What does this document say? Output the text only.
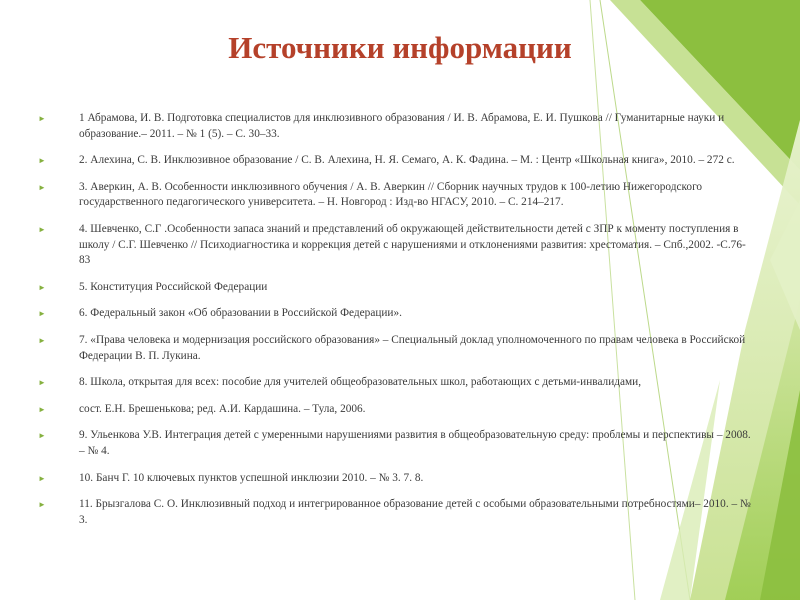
Источники информации
►	1 Абрамова, И. В. Подготовка специалистов для инклюзивного образования / И. В. Абрамова, Е. И. Пушкова // Гуманитарные науки и образование.– 2011. – № 1 (5). – С. 30–33.
►	2. Алехина, С. В. Инклюзивное образование / С. В. Алехина, Н. Я. Семаго, А. К. Фадина. – М. : Центр «Школьная книга», 2010. – 272 с.
►	3. Аверкин, А. В. Особенности инклюзивного обучения / А. В. Аверкин // Сборник научных трудов к 100-летию Нижегородского государственного педагогического университета. – Н. Новгород : Изд-во НГАСУ, 2010. – С. 214–217.
►	4. Шевченко, С.Г .Особенности запаса знаний и представлений об окружающей действительности детей с ЗПР к моменту поступления в школу / С.Г. Шевченко // Психодиагностика и коррекция детей с нарушениями и отклонениями развития: хрестоматия. – Спб.,2002. -С.76-83
►	5. Конституция Российской Федерации
►	6. Федеральный закон «Об образовании в Российской Федерации».
►	7. «Права человека и модернизация российского образования» – Специальный доклад уполномоченного по правам человека в Российской Федерации В. П. Лукина.
►	8. Школа, открытая для всех: пособие для учителей общеобразовательных школ, работающих с детьми-инвалидами,
►	сост. Е.Н. Брешенькова; ред. А.И. Кардашина. – Тула, 2006.
►	9. Ульенкова У.В. Интеграция детей с умеренными нарушениями развития в общеобразовательную среду: проблемы и перспективы – 2008. – № 4.
►	10. Банч Г. 10 ключевых пунктов успешной инклюзии 2010. – № 3. 7. 8.
►	11. Брызгалова С. О. Инклюзивный подход и интегрированное образование детей с особыми образовательными потребностями– 2010. – № 3.
